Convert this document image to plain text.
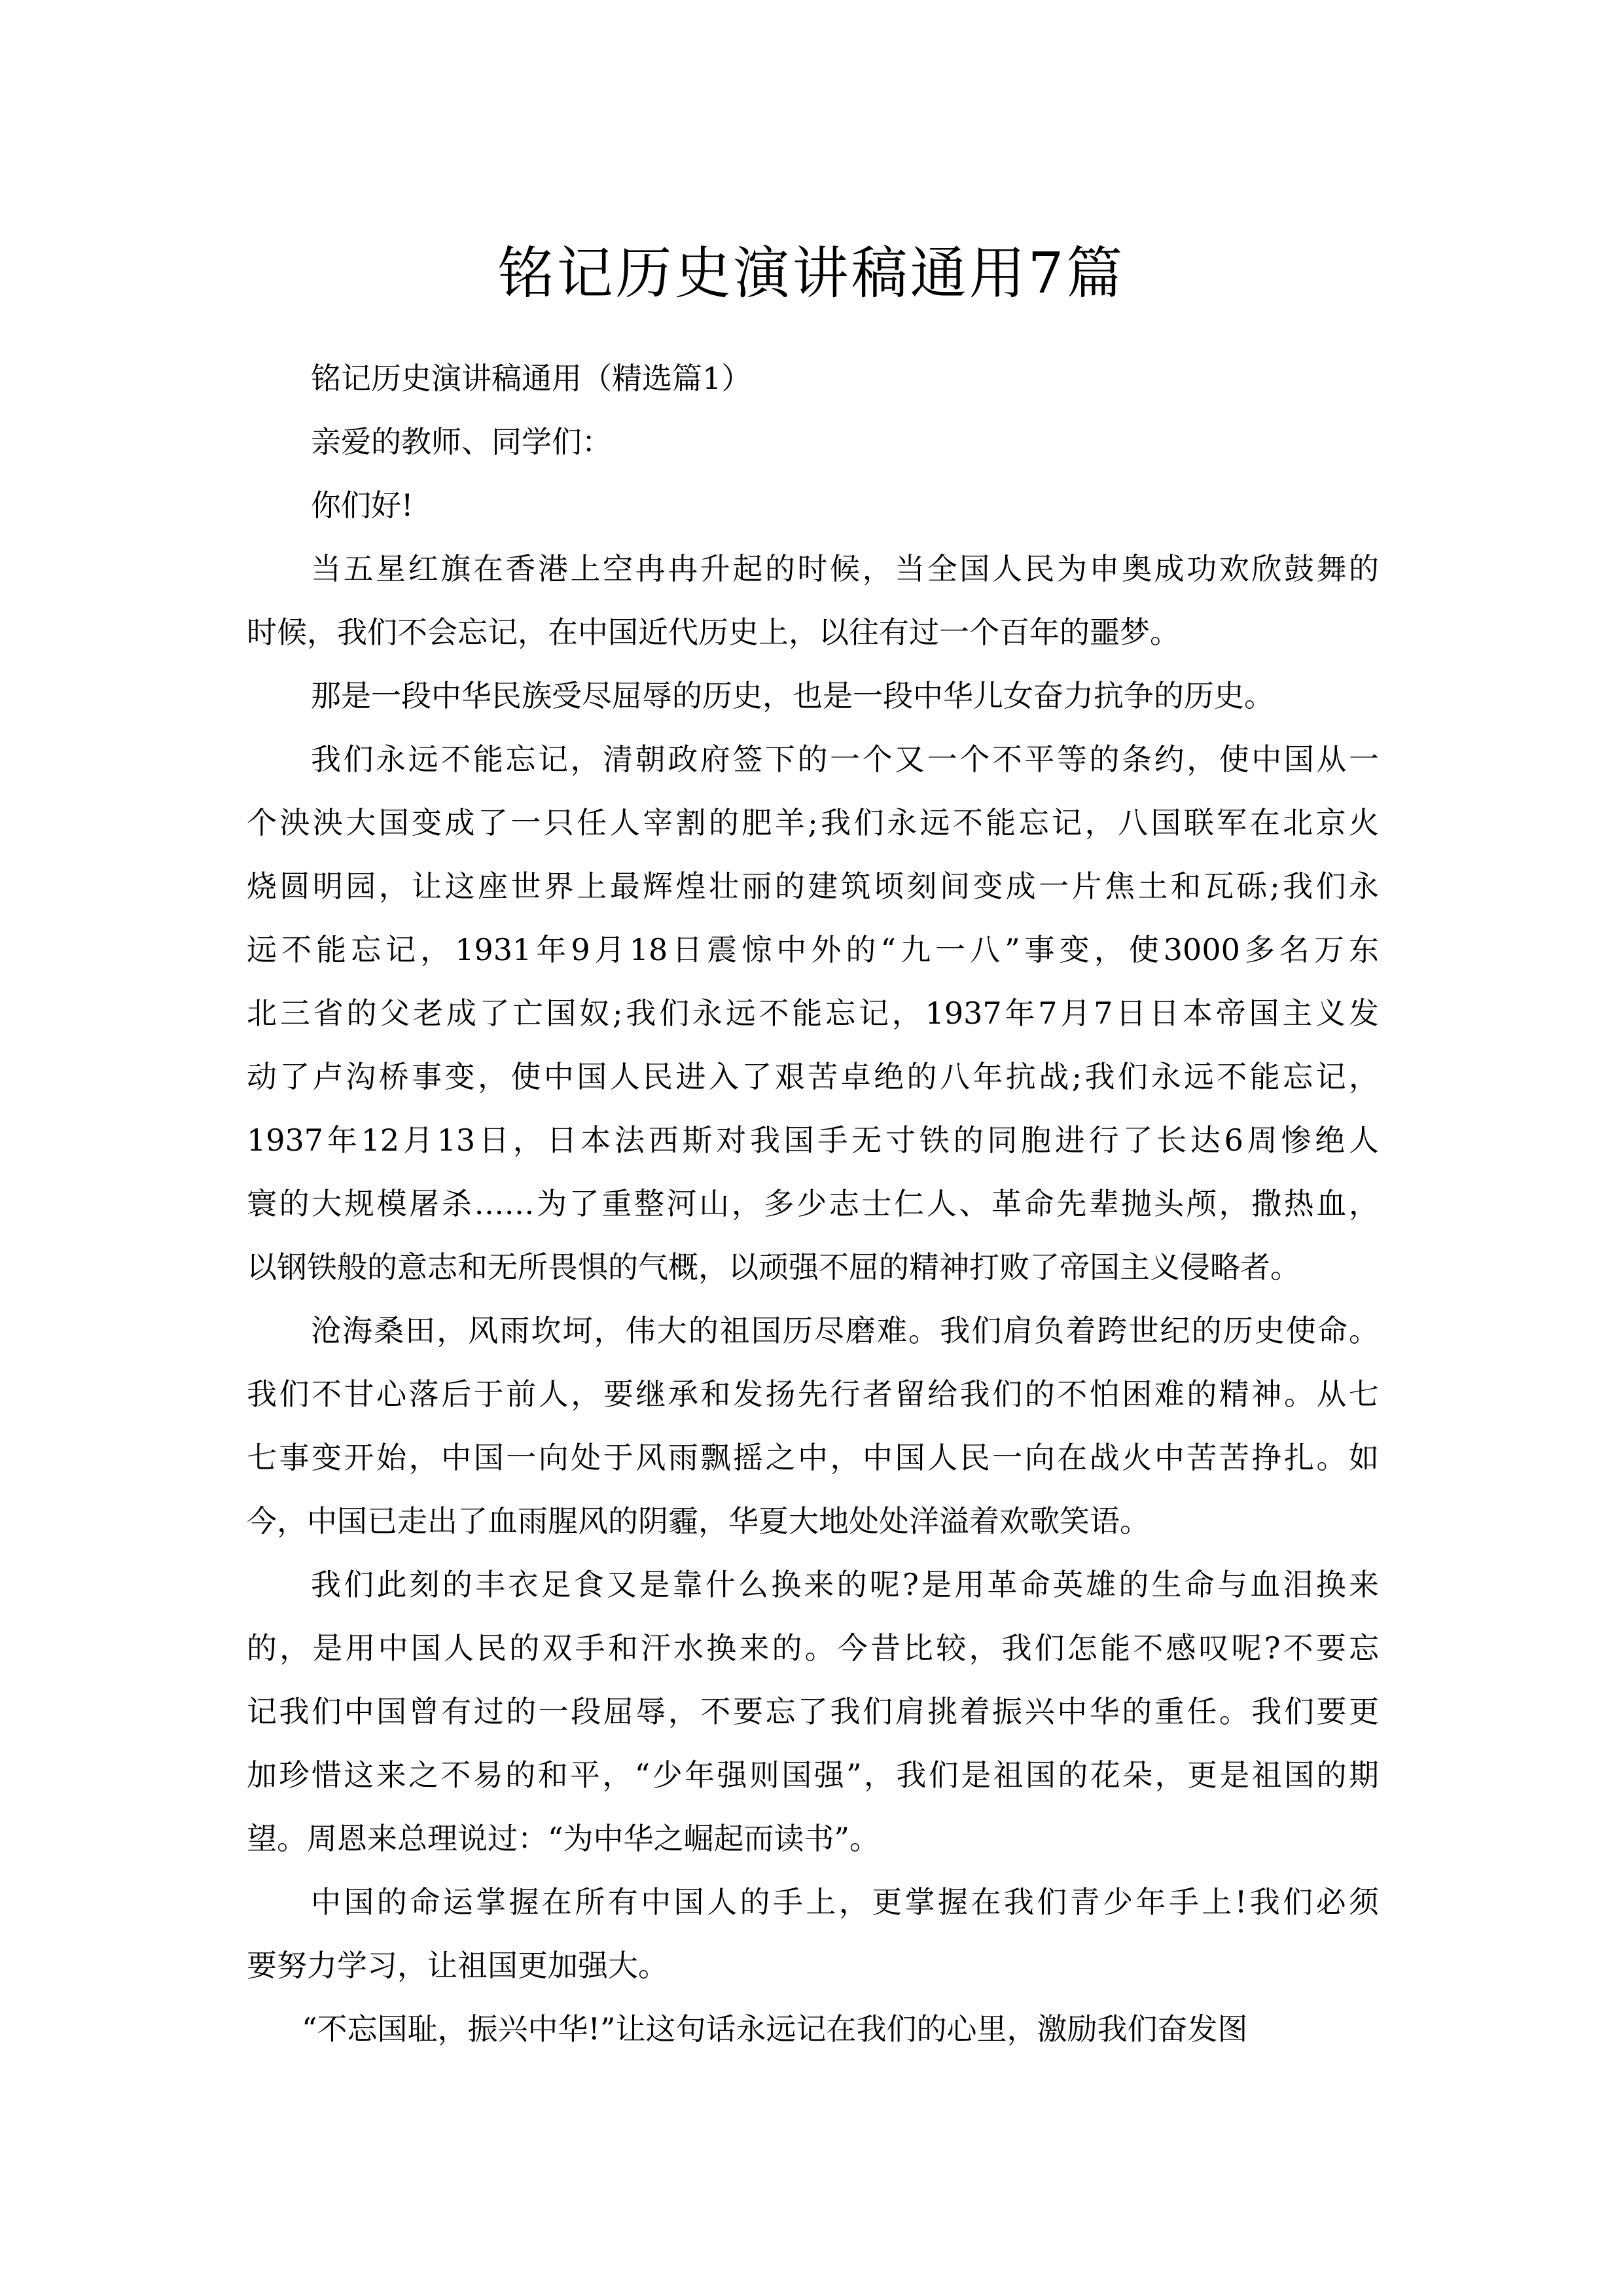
铭记历史演讲稿通用7篇
铭记历史演讲稿通用（精选篇1）
亲爱的教师、同学们：
你们好!
当五星红旗在香港上空冉冉升起的时候，当全国人民为申奥成功欢欣鼓舞的
时候，我们不会忘记，在中国近代历史上，以往有过一个百年的噩梦。
那是一段中华民族受尽屈辱的历史，也是一段中华儿女奋力抗争的历史。
我们永远不能忘记，清朝政府签下的一个又一个不平等的条约，使中国从一
个泱泱大国变成了一只任人宰割的肥羊;我们永远不能忘记，八国联军在北京火
烧圆明园，让这座世界上最辉煌壮丽的建筑顷刻间变成一片焦土和瓦砾;我们永
远不能忘记，1931年9月18日震惊中外的“九一八”事变，使3000多名万东
北三省的父老成了亡国奴;我们永远不能忘记，1937年7月7日日本帝国主义发
动了卢沟桥事变，使中国人民进入了艰苦卓绝的八年抗战;我们永远不能忘记，
1937年12月13日，日本法西斯对我国手无寸铁的同胞进行了长达6周惨绝人
寰的大规模屠杀……为了重整河山，多少志士仁人、革命先辈抛头颅，撒热血，
以钢铁般的意志和无所畏惧的气概，以顽强不屈的精神打败了帝国主义侵略者。
沧海桑田，风雨坎坷，伟大的祖国历尽磨难。我们肩负着跨世纪的历史使命。
我们不甘心落后于前人，要继承和发扬先行者留给我们的不怕困难的精神。从七
七事变开始，中国一向处于风雨飘摇之中，中国人民一向在战火中苦苦挣扎。如
今，中国已走出了血雨腥风的阴霾，华夏大地处处洋溢着欢歌笑语。
我们此刻的丰衣足食又是靠什么换来的呢?是用革命英雄的生命与血泪换来
的，是用中国人民的双手和汗水换来的。今昔比较，我们怎能不感叹呢?不要忘
记我们中国曾有过的一段屈辱，不要忘了我们肩挑着振兴中华的重任。我们要更
加珍惜这来之不易的和平，“少年强则国强”，我们是祖国的花朵，更是祖国的期
望。周恩来总理说过：“为中华之崛起而读书”。
中国的命运掌握在所有中国人的手上，更掌握在我们青少年手上!我们必须
要努力学习，让祖国更加强大。
“不忘国耻，振兴中华!”让这句话永远记在我们的心里，激励我们奋发图
